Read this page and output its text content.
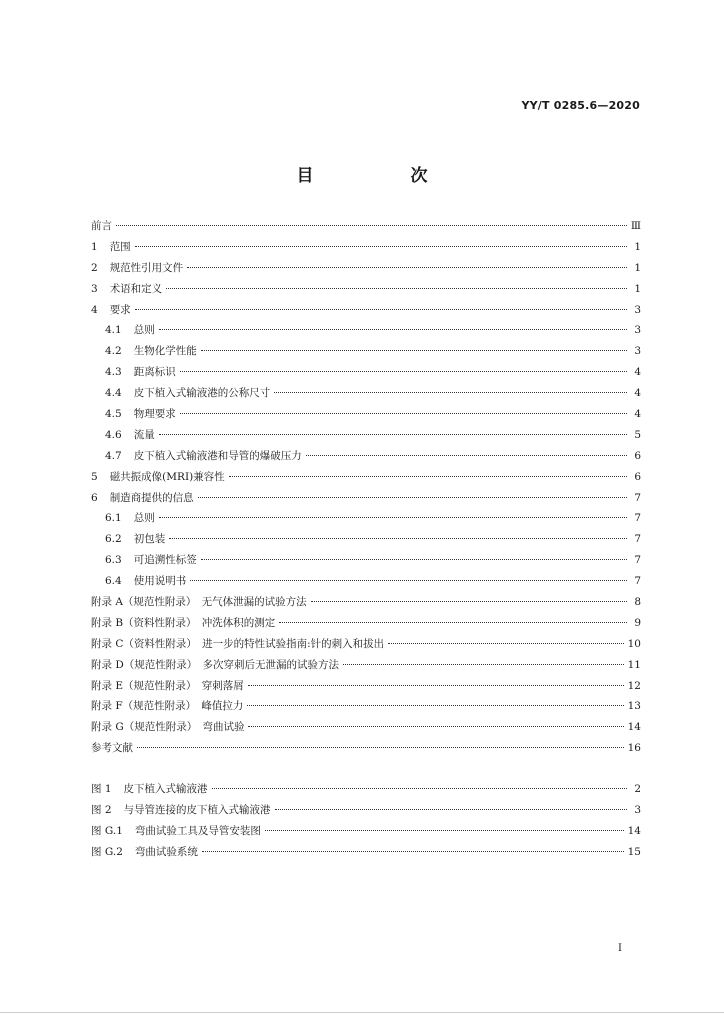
YY/T 0285.6—2020
目　次
前言	Ⅲ
1 范围	1
2 规范性引用文件	1
3 术语和定义	1
4 要求	3
4.1 总则	3
4.2 生物化学性能	3
4.3 距离标识	4
4.4 皮下植入式输液港的公称尺寸	4
4.5 物理要求	4
4.6 流量	5
4.7 皮下植入式输液港和导管的爆破压力	6
5 磁共振成像(MRI)兼容性	6
6 制造商提供的信息	7
6.1 总则	7
6.2 初包装	7
6.3 可追溯性标签	7
6.4 使用说明书	7
附录 A（规范性附录）　无气体泄漏的试验方法	8
附录 B（资料性附录）　冲洗体积的测定	9
附录 C（资料性附录）　进一步的特性试验指南:针的刺入和拔出	10
附录 D（规范性附录）　多次穿刺后无泄漏的试验方法	11
附录 E（规范性附录）　穿刺落屑	12
附录 F（规范性附录）　峰值拉力	13
附录 G（规范性附录）　弯曲试验	14
参考文献	16
图 1 皮下植入式输液港	2
图 2 与导管连接的皮下植入式输液港	3
图 G.1 弯曲试验工具及导管安装图	14
图 G.2 弯曲试验系统	15
I
